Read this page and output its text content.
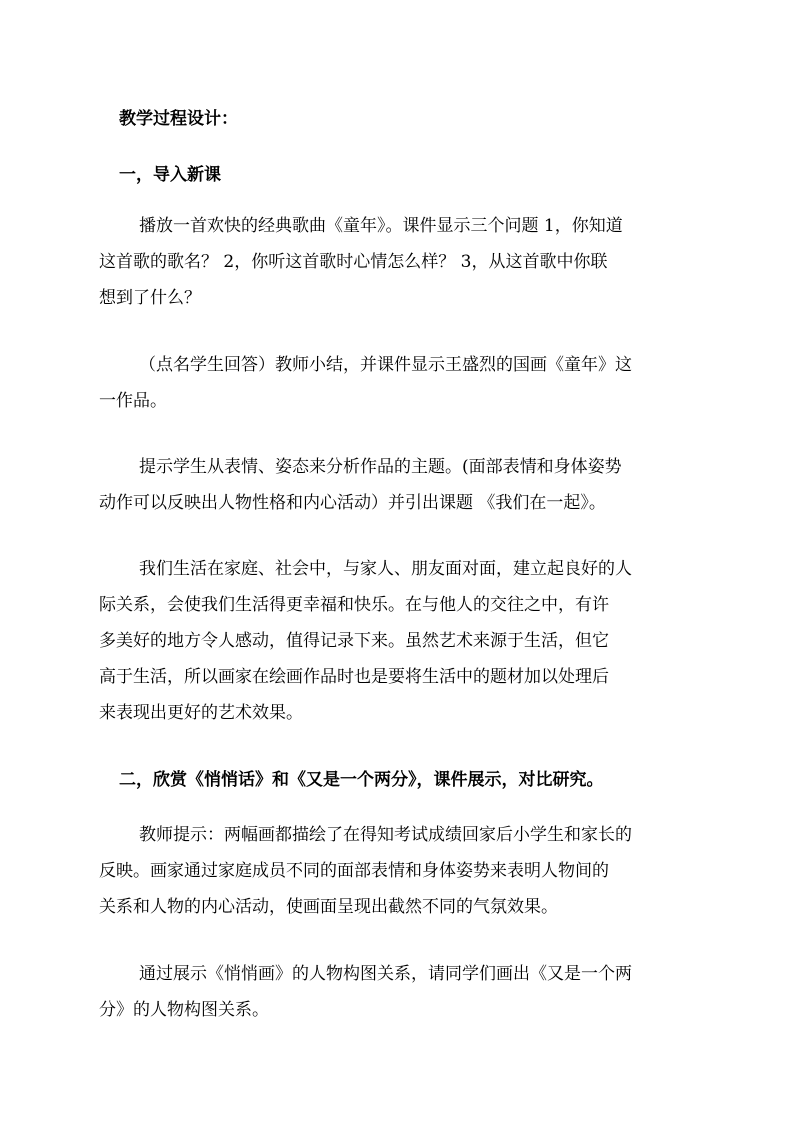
教学过程设计：

一，导入新课

播放一首欢快的经典歌曲《童年》。课件显示三个问题 1，你知道
这首歌的歌名？ 2，你听这首歌时心情怎么样？ 3，从这首歌中你联
想到了什么？

（点名学生回答）教师小结，并课件显示王盛烈的国画《童年》这
一作品。

提示学生从表情、姿态来分析作品的主题。(面部表情和身体姿势
动作可以反映出人物性格和内心活动）并引出课题 《我们在一起》。

我们生活在家庭、社会中，与家人、朋友面对面，建立起良好的人
际关系，会使我们生活得更幸福和快乐。在与他人的交往之中，有许
多美好的地方令人感动，值得记录下来。虽然艺术来源于生活，但它
高于生活，所以画家在绘画作品时也是要将生活中的题材加以处理后
来表现出更好的艺术效果。

二，欣赏《悄悄话》和《又是一个两分》，课件展示，对比研究。

教师提示：两幅画都描绘了在得知考试成绩回家后小学生和家长的
反映。画家通过家庭成员不同的面部表情和身体姿势来表明人物间的
关系和人物的内心活动，使画面呈现出截然不同的气氛效果。

通过展示《悄悄画》的人物构图关系，请同学们画出《又是一个两
分》的人物构图关系。
